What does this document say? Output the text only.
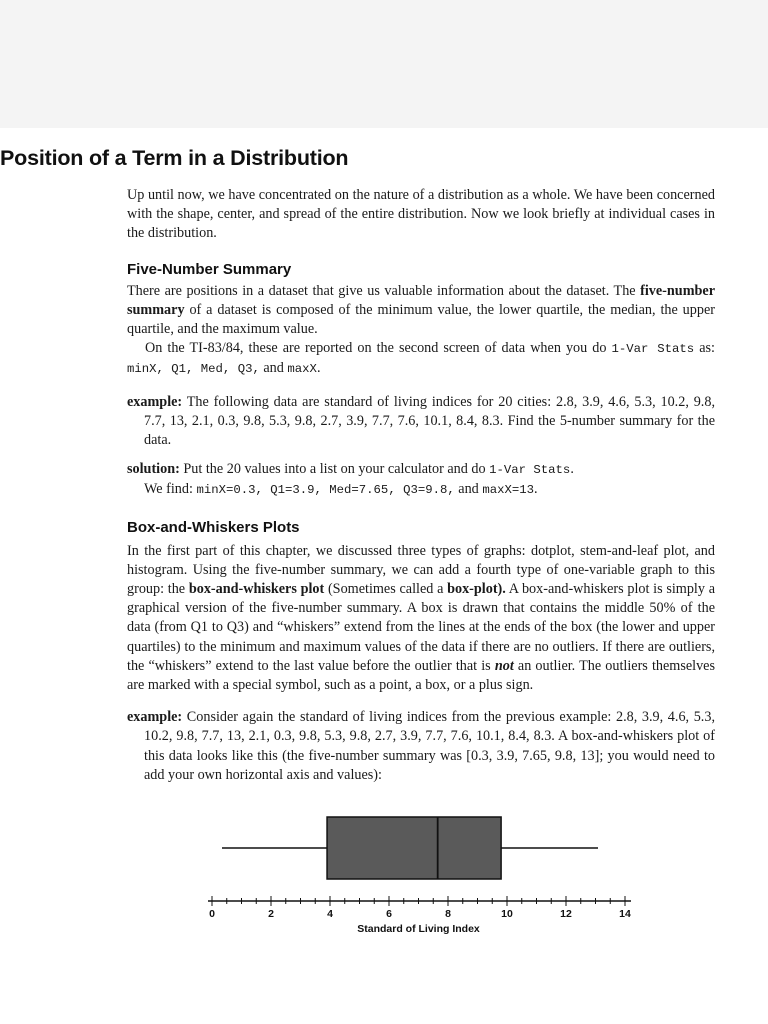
Position of a Term in a Distribution

Up until now, we have concentrated on the nature of a distribution as a whole. We have been concerned with the shape, center, and spread of the entire distribution. Now we look briefly at individual cases in the distribution.

Five-Number Summary

There are positions in a dataset that give us valuable information about the dataset. The five-number summary of a dataset is composed of the minimum value, the lower quartile, the median, the upper quartile, and the maximum value.

On the TI-83/84, these are reported on the second screen of data when you do 1-Var Stats as: minX, Q1, Med, Q3, and maxX.

example: The following data are standard of living indices for 20 cities: 2.8, 3.9, 4.6, 5.3, 10.2, 9.8, 7.7, 13, 2.1, 0.3, 9.8, 5.3, 9.8, 2.7, 3.9, 7.7, 7.6, 10.1, 8.4, 8.3. Find the 5-number summary for the data.

solution: Put the 20 values into a list on your calculator and do 1-Var Stats.
We find: minX=0.3, Q1=3.9, Med=7.65, Q3=9.8, and maxX=13.

Box-and-Whiskers Plots

In the first part of this chapter, we discussed three types of graphs: dotplot, stem-and-leaf plot, and histogram. Using the five-number summary, we can add a fourth type of one-variable graph to this group: the box-and-whiskers plot (Sometimes called a box-plot). A box-and-whiskers plot is simply a graphical version of the five-number summary. A box is drawn that contains the middle 50% of the data (from Q1 to Q3) and “whiskers” extend from the lines at the ends of the box (the lower and upper quartiles) to the minimum and maximum values of the data if there are no outliers. If there are outliers, the “whiskers” extend to the last value before the outlier that is not an outlier. The outliers themselves are marked with a special symbol, such as a point, a box, or a plus sign.

example: Consider again the standard of living indices from the previous example: 2.8, 3.9, 4.6, 5.3, 10.2, 9.8, 7.7, 13, 2.1, 0.3, 9.8, 5.3, 9.8, 2.7, 3.9, 7.7, 7.6, 10.1, 8.4, 8.3. A box-and-whiskers plot of this data looks like this (the five-number summary was [0.3, 3.9, 7.65, 9.8, 13]; you would need to add your own horizontal axis and values):

0	2	4	6	8	10	12	14
Standard of Living Index
